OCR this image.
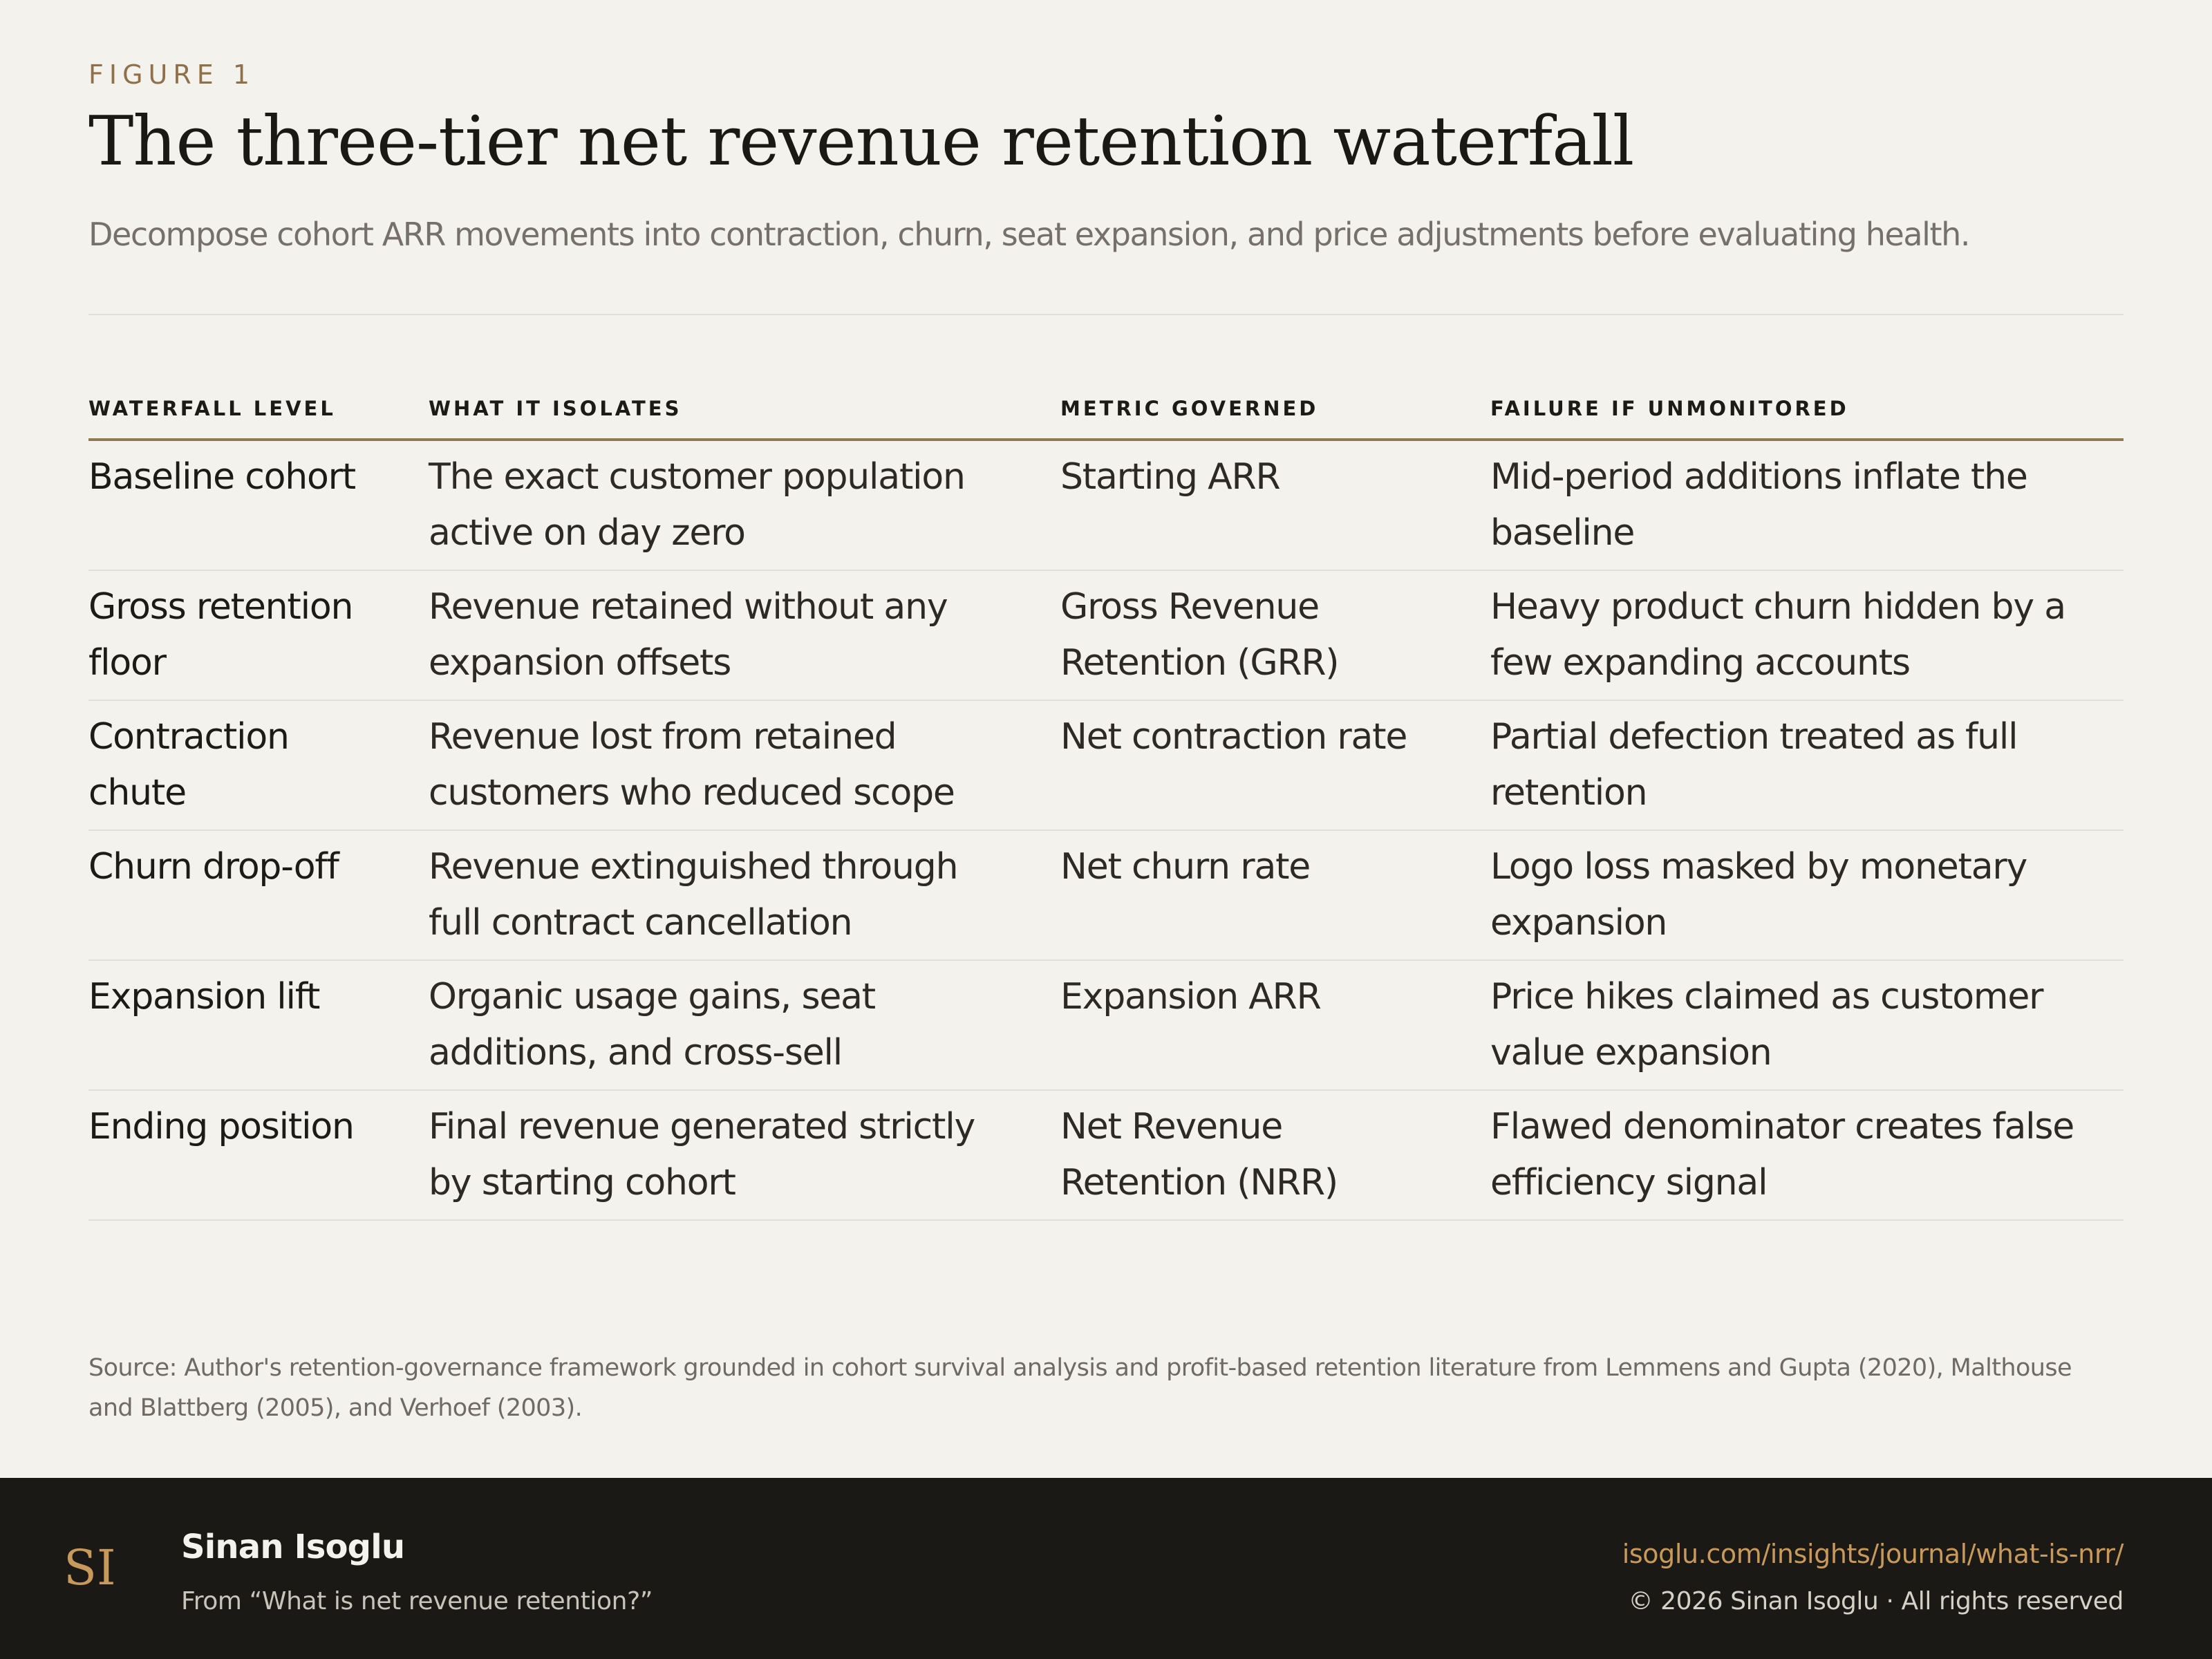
FIGURE 1
The three-tier net revenue retention waterfall

Decompose cohort ARR movements into contraction, churn, seat expansion, and price adjustments before evaluating health.

WATERFALL LEVEL	WHAT IT ISOLATES	METRIC GOVERNED	FAILURE IF UNMONITORED
Baseline cohort	The exact customer population active on day zero	Starting ARR	Mid-period additions inflate the baseline
Gross retention floor	Revenue retained without any expansion offsets	Gross Revenue Retention (GRR)	Heavy product churn hidden by a few expanding accounts
Contraction chute	Revenue lost from retained customers who reduced scope	Net contraction rate	Partial defection treated as full retention
Churn drop-off	Revenue extinguished through full contract cancellation	Net churn rate	Logo loss masked by monetary expansion
Expansion lift	Organic usage gains, seat additions, and cross-sell	Expansion ARR	Price hikes claimed as customer value expansion
Ending position	Final revenue generated strictly by starting cohort	Net Revenue Retention (NRR)	Flawed denominator creates false efficiency signal

Source: Author's retention-governance framework grounded in cohort survival analysis and profit-based retention literature from Lemmens and Gupta (2020), Malthouse and Blattberg (2005), and Verhoef (2003).

SI Sinan Isoglu
From “What is net revenue retention?”
isoglu.com/insights/journal/what-is-nrr/
© 2026 Sinan Isoglu · All rights reserved
